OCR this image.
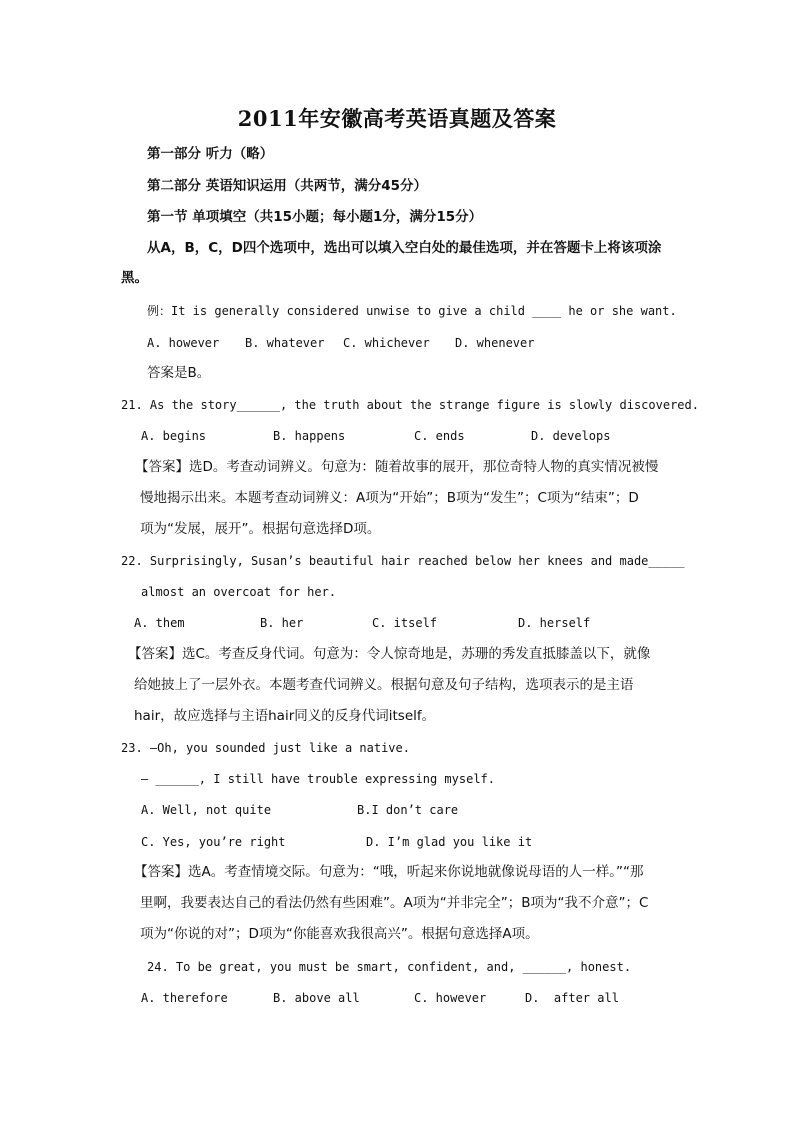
2011年安徽高考英语真题及答案
第一部分 听力（略）
第二部分 英语知识运用（共两节，满分45分）
第一节 单项填空（共15小题；每小题1分，满分15分）
从A，B，C，D四个选项中，选出可以填入空白处的最佳选项，并在答题卡上将该项涂
黑。
例：It is generally considered unwise to give a child ____ he or she want.
A. however B. whatever C. whichever D. whenever
答案是B。
21. As the story______, the truth about the strange figure is slowly discovered.
A. begins	B. happens	C. ends	D. develops
【答案】选D。考查动词辨义。句意为：随着故事的展开，那位奇特人物的真实情况被慢
慢地揭示出来。本题考查动词辨义：A项为“开始”；B项为“发生”；C项为“结束”；D
项为“发展，展开”。根据句意选择D项。
22. Surprisingly, Susan’s beautiful hair reached below her knees and made_____
almost an overcoat for her.
A. them	B. her	C. itself	D. herself
【答案】选C。考查反身代词。句意为：令人惊奇地是，苏珊的秀发直抵膝盖以下，就像
给她披上了一层外衣。本题考查代词辨义。根据句意及句子结构，选项表示的是主语
hair，故应选择与主语hair同义的反身代词itself。
23. —Oh, you sounded just like a native.
— ______, I still have trouble expressing myself.
A. Well, not quite	B.I don’t care
C. Yes, you’re right	D. I’m glad you like it
【答案】选A。考查情境交际。句意为：“哦，听起来你说地就像说母语的人一样。”“那
里啊，我要表达自己的看法仍然有些困难”。A项为“并非完全”；B项为“我不介意”；C
项为“你说的对”；D项为“你能喜欢我很高兴”。根据句意选择A项。
24. To be great, you must be smart, confident, and, ______, honest.
A. therefore	B. above all	C. however	D.  after all
